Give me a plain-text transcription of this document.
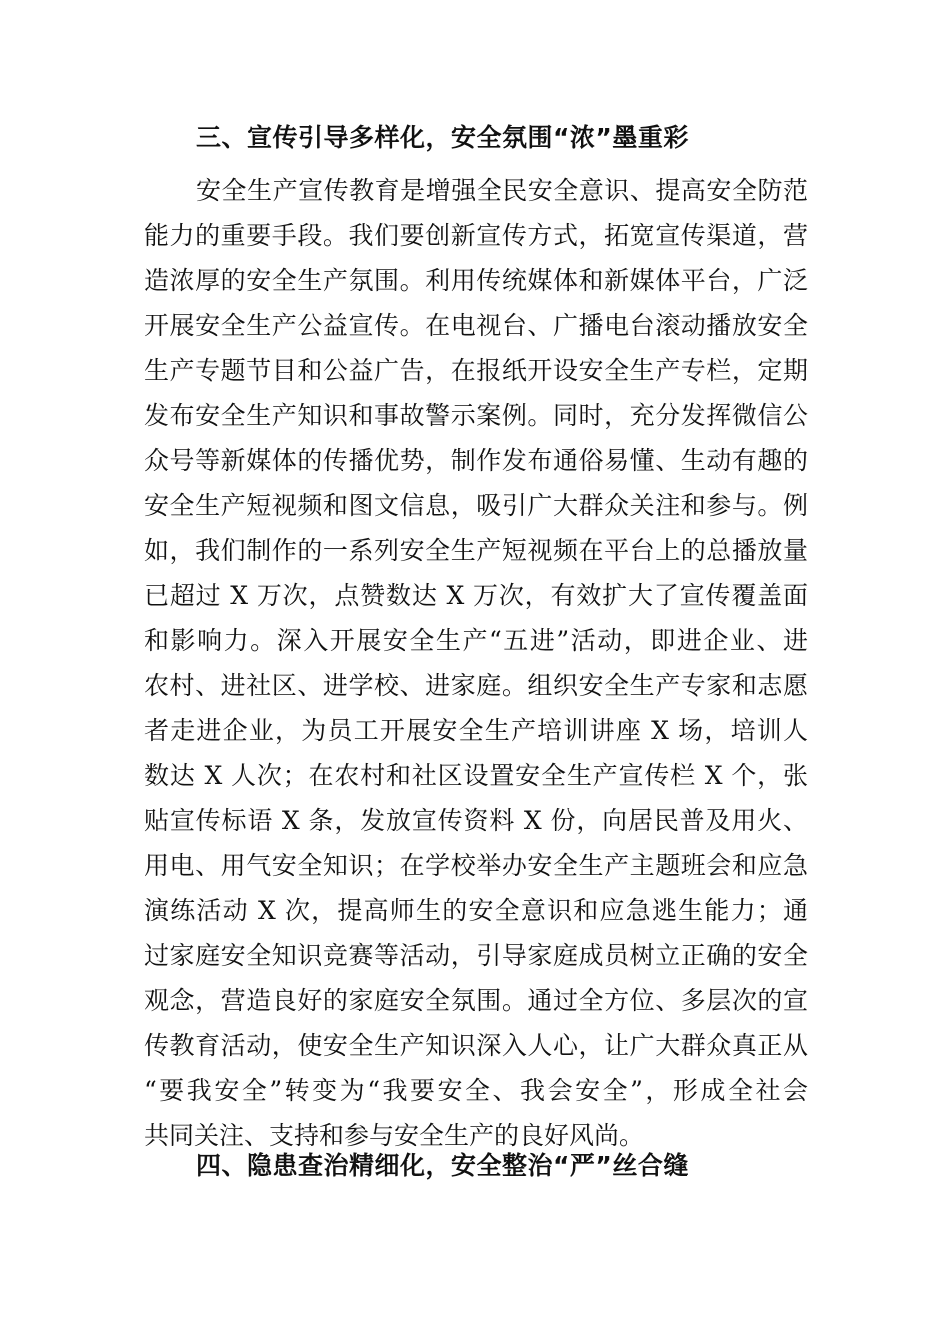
三、宣传引导多样化，安全氛围“浓”墨重彩
安全生产宣传教育是增强全民安全意识、提高安全防范
能力的重要手段。我们要创新宣传方式，拓宽宣传渠道，营
造浓厚的安全生产氛围。利用传统媒体和新媒体平台，广泛
开展安全生产公益宣传。在电视台、广播电台滚动播放安全
生产专题节目和公益广告，在报纸开设安全生产专栏，定期
发布安全生产知识和事故警示案例。同时，充分发挥微信公
众号等新媒体的传播优势，制作发布通俗易懂、生动有趣的
安全生产短视频和图文信息，吸引广大群众关注和参与。例
如，我们制作的一系列安全生产短视频在平台上的总播放量
已超过 X 万次，点赞数达 X 万次，有效扩大了宣传覆盖面
和影响力。深入开展安全生产“五进”活动，即进企业、进
农村、进社区、进学校、进家庭。组织安全生产专家和志愿
者走进企业，为员工开展安全生产培训讲座 X 场，培训人
数达 X 人次；在农村和社区设置安全生产宣传栏 X 个，张
贴宣传标语 X 条，发放宣传资料 X 份，向居民普及用火、
用电、用气安全知识；在学校举办安全生产主题班会和应急
演练活动 X 次，提高师生的安全意识和应急逃生能力；通
过家庭安全知识竞赛等活动，引导家庭成员树立正确的安全
观念，营造良好的家庭安全氛围。通过全方位、多层次的宣
传教育活动，使安全生产知识深入人心，让广大群众真正从
“要我安全”转变为“我要安全、我会安全”，形成全社会
共同关注、支持和参与安全生产的良好风尚。
四、隐患查治精细化，安全整治“严”丝合缝
